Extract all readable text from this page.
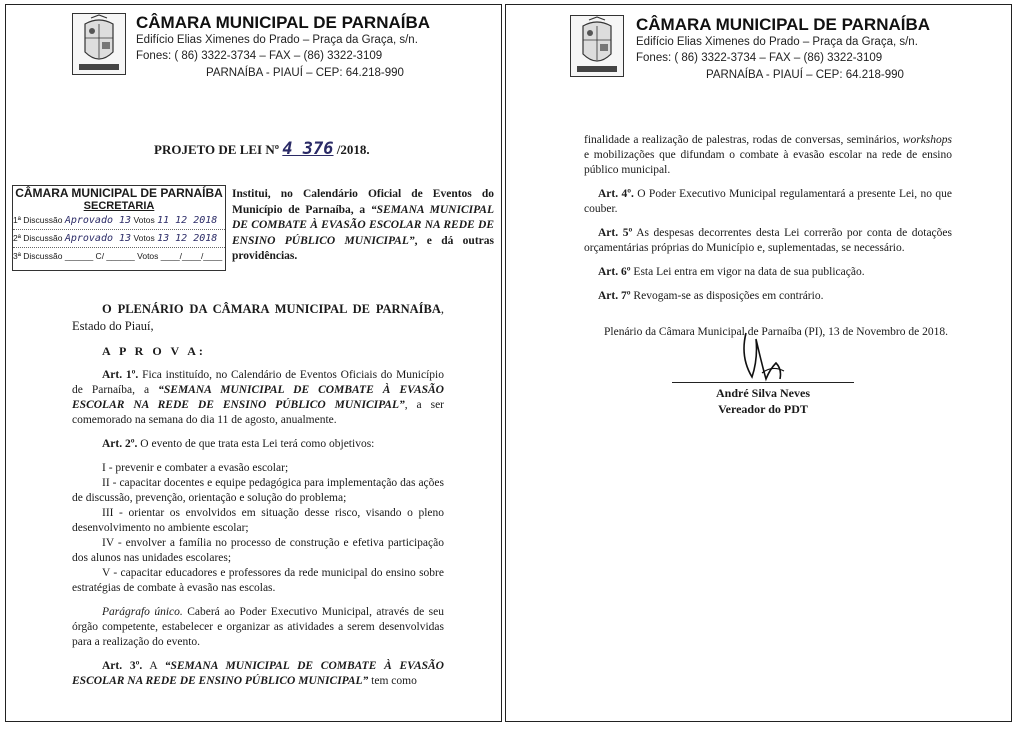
CÂMARA MUNICIPAL DE PARNAÍBA
Edifício Elias Ximenes do Prado – Praça da Graça, s/n.
Fones: ( 86) 3322-3734 – FAX – (86) 3322-3109
PARNAÍBA - PIAUÍ – CEP: 64.218-990
PROJETO DE LEI Nº 4 376 /2018.
CÂMARA MUNICIPAL DE PARNAÍBA
SECRETARIA
1ª Discussão Aprovado 13 Votos 11 12 2018
2ª Discussão Aprovado 13 Votos 13 12 2018
3ª Discussão ______ C/ ______ Votos ____/____/____
Institui, no Calendário Oficial de Eventos do Município de Parnaíba, a “SEMANA MUNICIPAL DE COMBATE À EVASÃO ESCOLAR NA REDE DE ENSINO PÚBLICO MUNICIPAL”, e dá outras providências.

O PLENÁRIO DA CÂMARA MUNICIPAL DE PARNAÍBA, Estado do Piauí,

A P R O V A:

Art. 1º. Fica instituído, no Calendário de Eventos Oficiais do Município de Parnaíba, a “SEMANA MUNICIPAL DE COMBATE À EVASÃO ESCOLAR NA REDE DE ENSINO PÚBLICO MUNICIPAL”, a ser comemorado na semana do dia 11 de agosto, anualmente.

Art. 2º. O evento de que trata esta Lei terá como objetivos:

I - prevenir e combater a evasão escolar;
II - capacitar docentes e equipe pedagógica para implementação das ações de discussão, prevenção, orientação e solução do problema;
III - orientar os envolvidos em situação desse risco, visando o pleno desenvolvimento no ambiente escolar;
IV - envolver a família no processo de construção e efetiva participação dos alunos nas unidades escolares;
V - capacitar educadores e professores da rede municipal do ensino sobre estratégias de combate à evasão nas escolas.

Parágrafo único. Caberá ao Poder Executivo Municipal, através de seu órgão competente, estabelecer e organizar as atividades a serem desenvolvidas para a realização do evento.

Art. 3º. A “SEMANA MUNICIPAL DE COMBATE À EVASÃO ESCOLAR NA REDE DE ENSINO PÚBLICO MUNICIPAL” tem como

CÂMARA MUNICIPAL DE PARNAÍBA
Edifício Elias Ximenes do Prado – Praça da Graça, s/n.
Fones: ( 86) 3322-3734 – FAX – (86) 3322-3109
PARNAÍBA - PIAUÍ – CEP: 64.218-990

finalidade a realização de palestras, rodas de conversas, seminários, workshops e mobilizações que difundam o combate à evasão escolar na rede de ensino público municipal.

Art. 4º. O Poder Executivo Municipal regulamentará a presente Lei, no que couber.

Art. 5º As despesas decorrentes desta Lei correrão por conta de dotações orçamentárias próprias do Município e, suplementadas, se necessário.

Art. 6º Esta Lei entra em vigor na data de sua publicação.

Art. 7º Revogam-se as disposições em contrário.

Plenário da Câmara Municipal de Parnaíba (PI), 13 de Novembro de 2018.
André Silva Neves
Vereador do PDT
